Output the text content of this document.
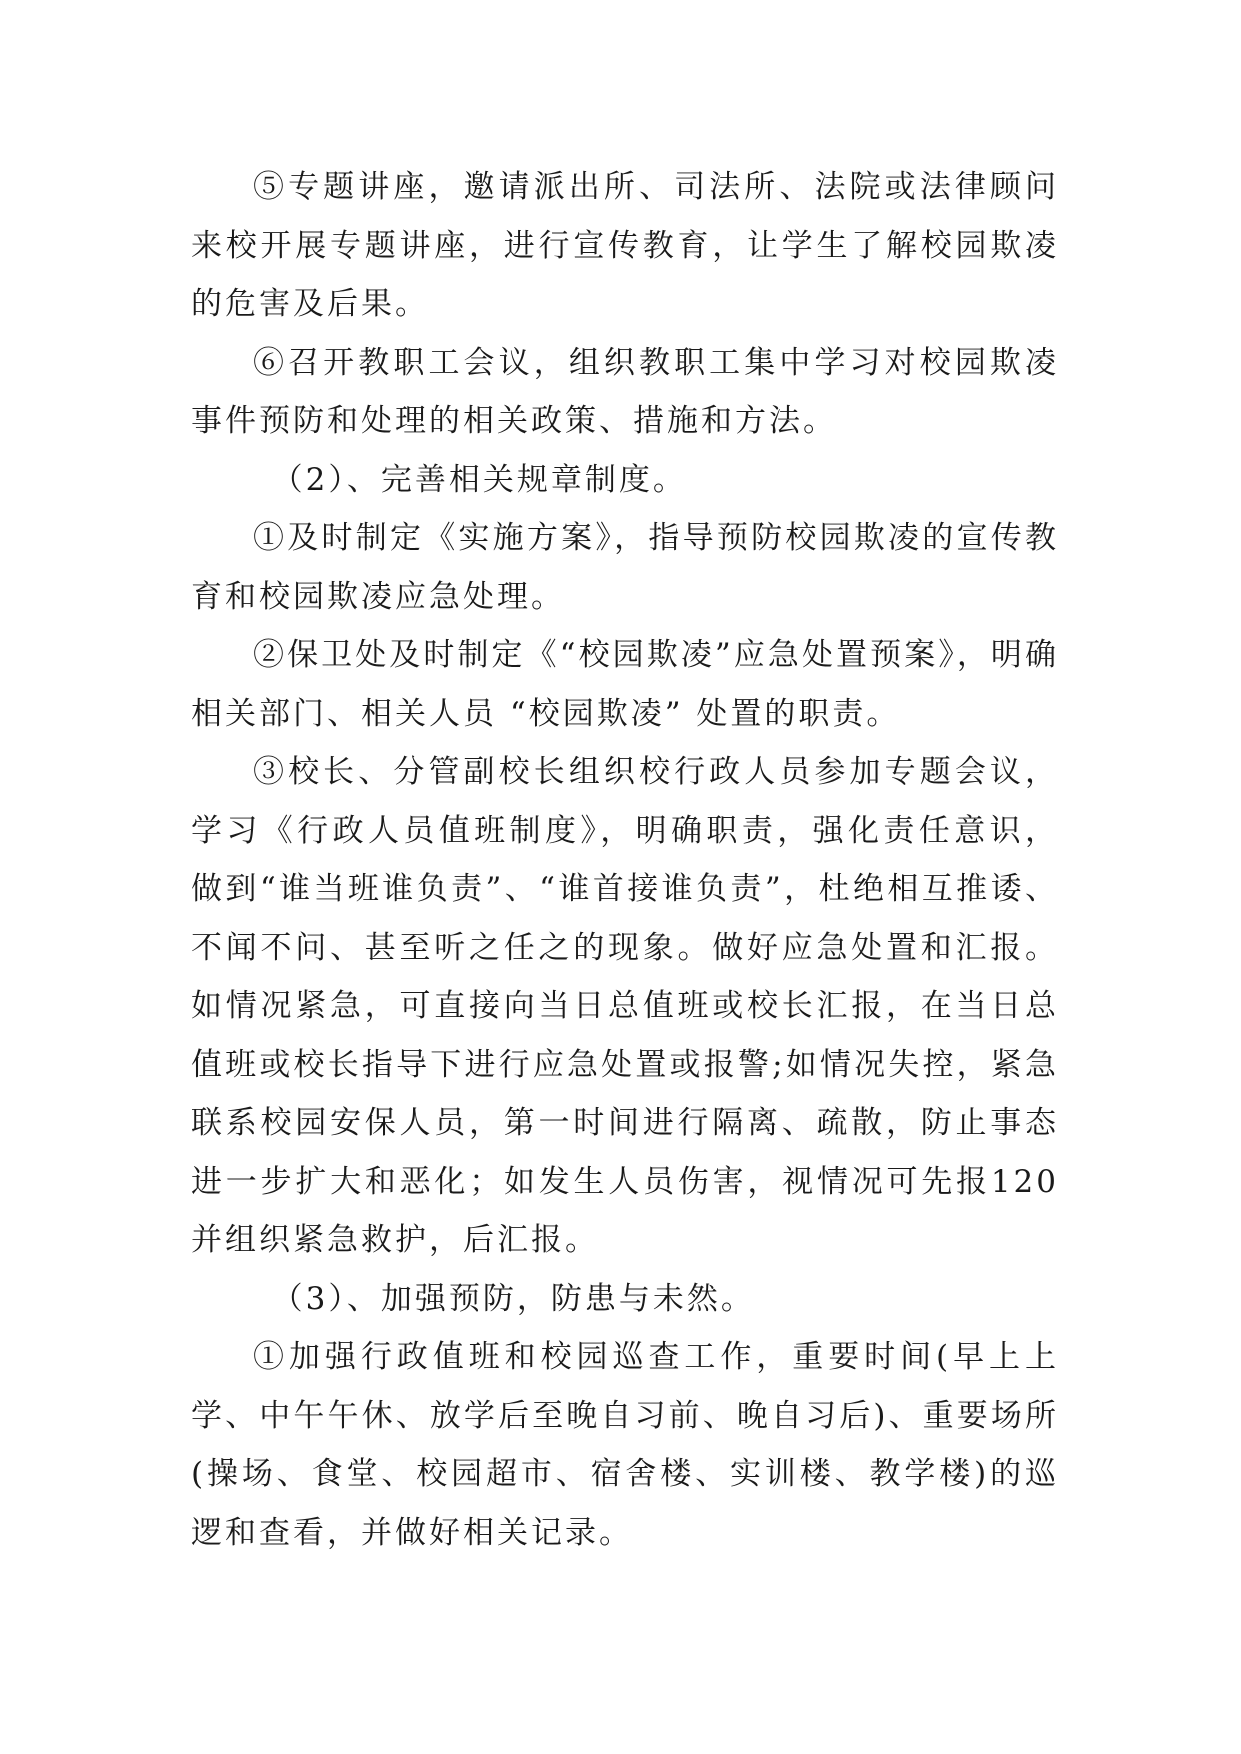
⑤专题讲座，邀请派出所、司法所、法院或法律顾问来校开展专题讲座，进行宣传教育，让学生了解校园欺凌的危害及后果。

⑥召开教职工会议，组织教职工集中学习对校园欺凌事件预防和处理的相关政策、措施和方法。

（2）、完善相关规章制度。

①及时制定《实施方案》，指导预防校园欺凌的宣传教育和校园欺凌应急处理。

②保卫处及时制定《“校园欺凌”应急处置预案》，明确相关部门、相关人员 “校园欺凌” 处置的职责。

③校长、分管副校长组织校行政人员参加专题会议，学习《行政人员值班制度》，明确职责，强化责任意识，做到“谁当班谁负责”、“谁首接谁负责”，杜绝相互推诿、不闻不问、甚至听之任之的现象。做好应急处置和汇报。如情况紧急，可直接向当日总值班或校长汇报，在当日总值班或校长指导下进行应急处置或报警;如情况失控，紧急联系校园安保人员，第一时间进行隔离、疏散，防止事态进一步扩大和恶化；如发生人员伤害，视情况可先报120并组织紧急救护，后汇报。

（3）、加强预防，防患与未然。

①加强行政值班和校园巡查工作，重要时间(早上上学、中午午休、放学后至晚自习前、晚自习后)、重要场所(操场、食堂、校园超市、宿舍楼、实训楼、教学楼)的巡逻和查看，并做好相关记录。
